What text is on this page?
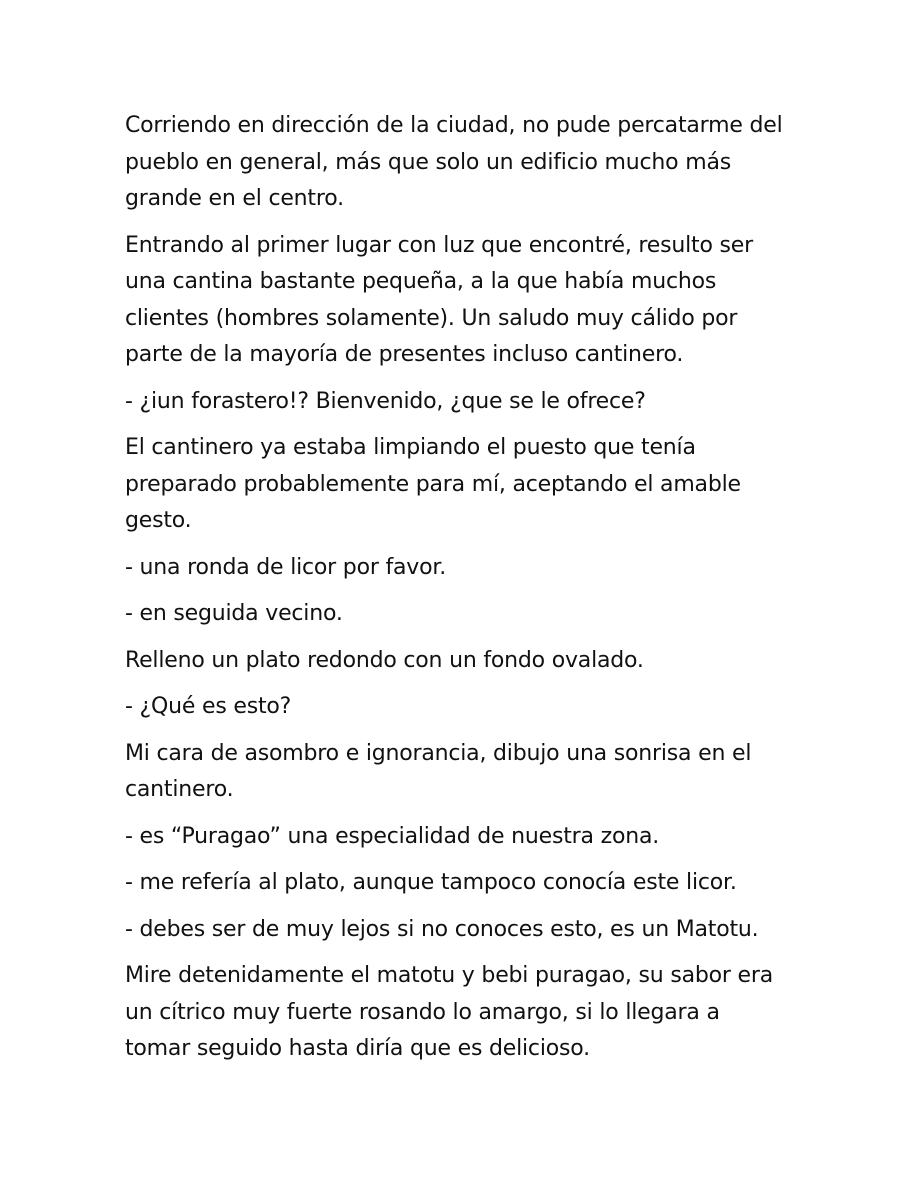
Corriendo en dirección de la ciudad, no pude percatarme del pueblo en general, más que solo un edificio mucho más grande en el centro.

Entrando al primer lugar con luz que encontré, resulto ser una cantina bastante pequeña, a la que había muchos clientes (hombres solamente). Un saludo muy cálido por parte de la mayoría de presentes incluso cantinero.

- ¿iun forastero!? Bienvenido, ¿que se le ofrece?

El cantinero ya estaba limpiando el puesto que tenía preparado probablemente para mí, aceptando el amable gesto.

- una ronda de licor por favor.

- en seguida vecino.

Relleno un plato redondo con un fondo ovalado.

- ¿Qué es esto?

Mi cara de asombro e ignorancia, dibujo una sonrisa en el cantinero.

- es “Puragao” una especialidad de nuestra zona.

- me refería al plato, aunque tampoco conocía este licor.

- debes ser de muy lejos si no conoces esto, es un Matotu.

Mire detenidamente el matotu y bebi puragao, su sabor era un cítrico muy fuerte rosando lo amargo, si lo llegara a tomar seguido hasta diría que es delicioso.
